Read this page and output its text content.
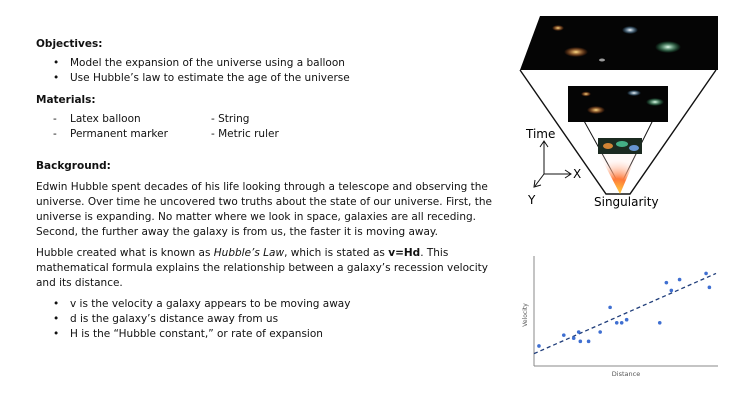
Objectives:

• Model the expansion of the universe using a balloon
• Use Hubble’s law to estimate the age of the universe

Materials:

- Latex balloon	- String
- Permanent marker	- Metric ruler

Background:

Edwin Hubble spent decades of his life looking through a telescope and observing the universe. Over time he uncovered two truths about the state of our universe. First, the universe is expanding. No matter where we look in space, galaxies are all receding. Second, the further away the galaxy is from us, the faster it is moving away.

Hubble created what is known as Hubble’s Law, which is stated as v=Hd. This mathematical formula explains the relationship between a galaxy’s recession velocity and its distance.

• v is the velocity a galaxy appears to be moving away
• d is the galaxy’s distance away from us
• H is the “Hubble constant,” or rate of expansion
Time
X
Y	Singularity
Velocity
Distance
